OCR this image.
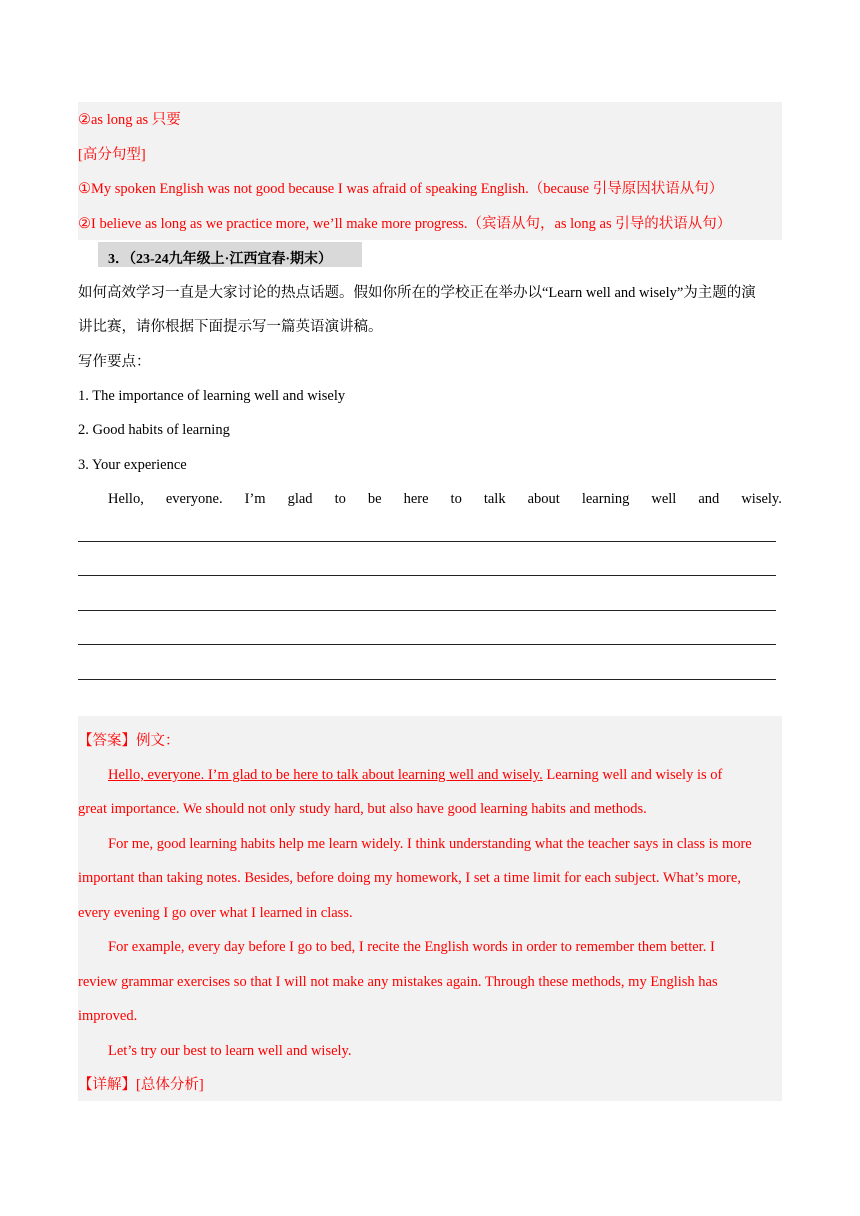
②as long as 只要
[高分句型]
①My spoken English was not good because I was afraid of speaking English.（because 引导原因状语从句）
②I believe as long as we practice more, we’ll make more progress.（宾语从句，as long as 引导的状语从句）
3．（23-24九年级上·江西宜春·期末）
如何高效学习一直是大家讨论的热点话题。假如你所在的学校正在举办以“Learn well and wisely”为主题的演
讲比赛，请你根据下面提示写一篇英语演讲稿。
写作要点：
1. The importance of learning well and wisely
2. Good habits of learning
3. Your experience
Hello, everyone. I’m glad to be here to talk about learning well and wisely.
【答案】例文：
Hello, everyone. I’m glad to be here to talk about learning well and wisely. Learning well and wisely is of
great importance. We should not only study hard, but also have good learning habits and methods.
For me, good learning habits help me learn widely. I think understanding what the teacher says in class is more
important than taking notes. Besides, before doing my homework, I set a time limit for each subject. What’s more,
every evening I go over what I learned in class.
For example, every day before I go to bed, I recite the English words in order to remember them better. I
review grammar exercises so that I will not make any mistakes again. Through these methods, my English has
improved.
Let’s try our best to learn well and wisely.
【详解】[总体分析]
